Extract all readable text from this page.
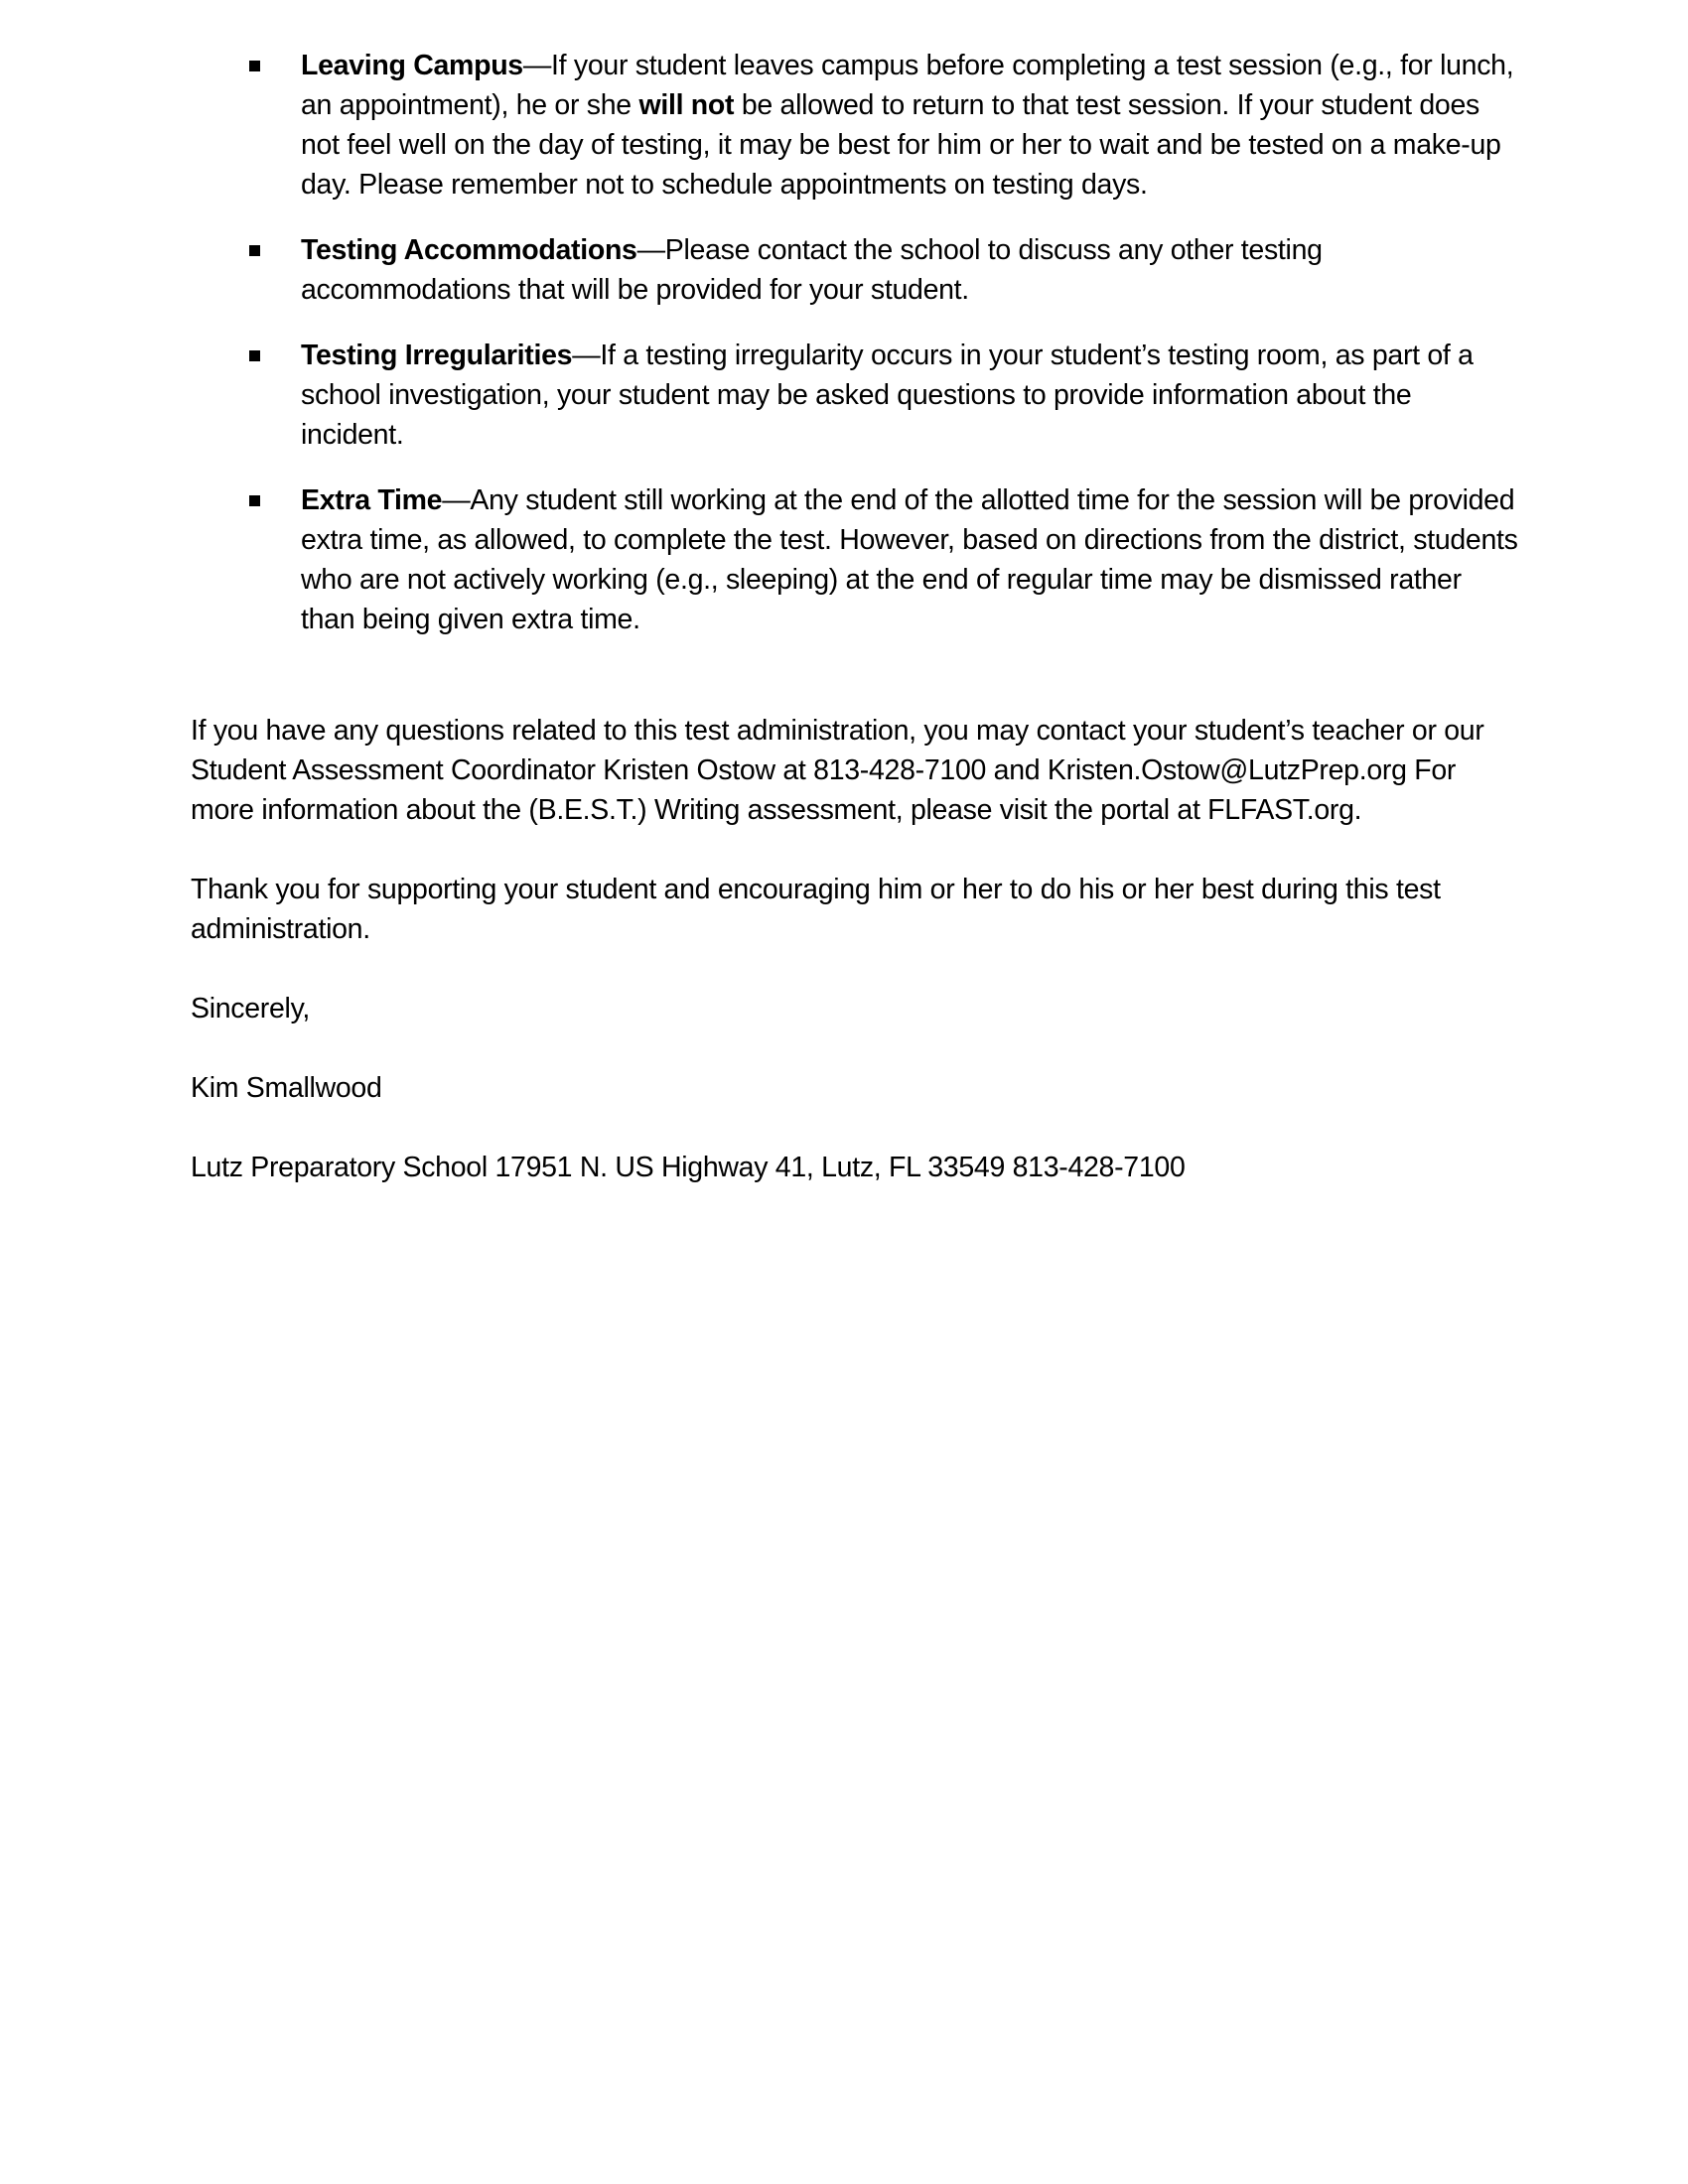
Leaving Campus—If your student leaves campus before completing a test session (e.g., for lunch, an appointment), he or she will not be allowed to return to that test session. If your student does not feel well on the day of testing, it may be best for him or her to wait and be tested on a make-up day. Please remember not to schedule appointments on testing days.
Testing Accommodations—Please contact the school to discuss any other testing accommodations that will be provided for your student.
Testing Irregularities—If a testing irregularity occurs in your student’s testing room, as part of a school investigation, your student may be asked questions to provide information about the incident.
Extra Time—Any student still working at the end of the allotted time for the session will be provided extra time, as allowed, to complete the test. However, based on directions from the district, students who are not actively working (e.g., sleeping) at the end of regular time may be dismissed rather than being given extra time.

If you have any questions related to this test administration, you may contact your student’s teacher or our Student Assessment Coordinator Kristen Ostow at 813-428-7100 and Kristen.Ostow@LutzPrep.org For more information about the (B.E.S.T.) Writing assessment, please visit the portal at FLFAST.org.

Thank you for supporting your student and encouraging him or her to do his or her best during this test administration.

Sincerely,

Kim Smallwood

Lutz Preparatory School 17951 N. US Highway 41, Lutz, FL 33549 813-428-7100
